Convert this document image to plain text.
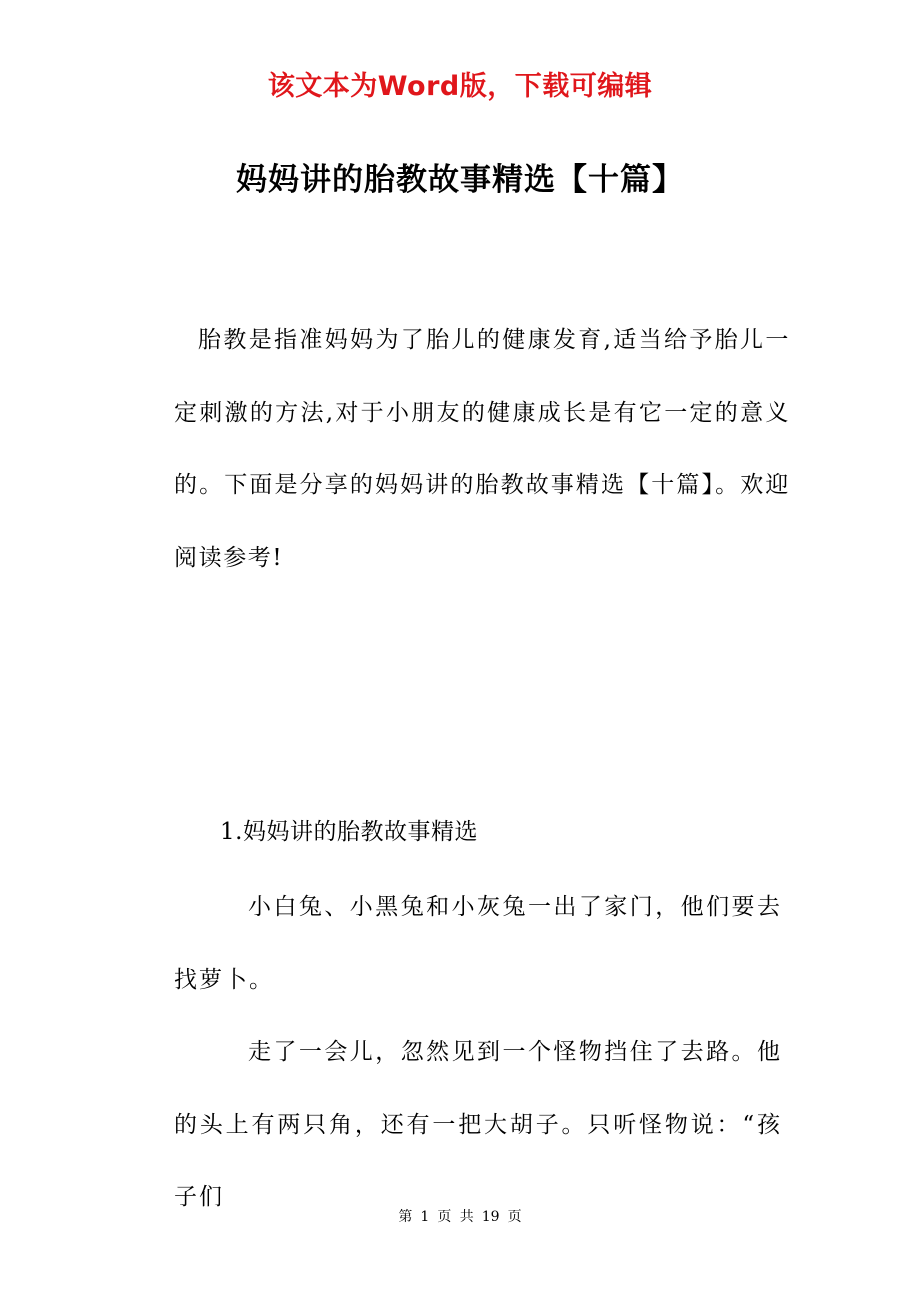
该文本为Word版，下载可编辑
妈妈讲的胎教故事精选【十篇】

胎教是指准妈妈为了胎儿的健康发育,适当给予胎儿一定刺激的方法,对于小朋友的健康成长是有它一定的意义的。下面是分享的妈妈讲的胎教故事精选【十篇】。欢迎阅读参考!

1.妈妈讲的胎教故事精选

小白兔、小黑兔和小灰兔一出了家门，他们要去找萝卜。

走了一会儿，忽然见到一个怪物挡住了去路。他的头上有两只角，还有一把大胡子。只听怪物说：“孩子们

第 1 页 共 19 页
